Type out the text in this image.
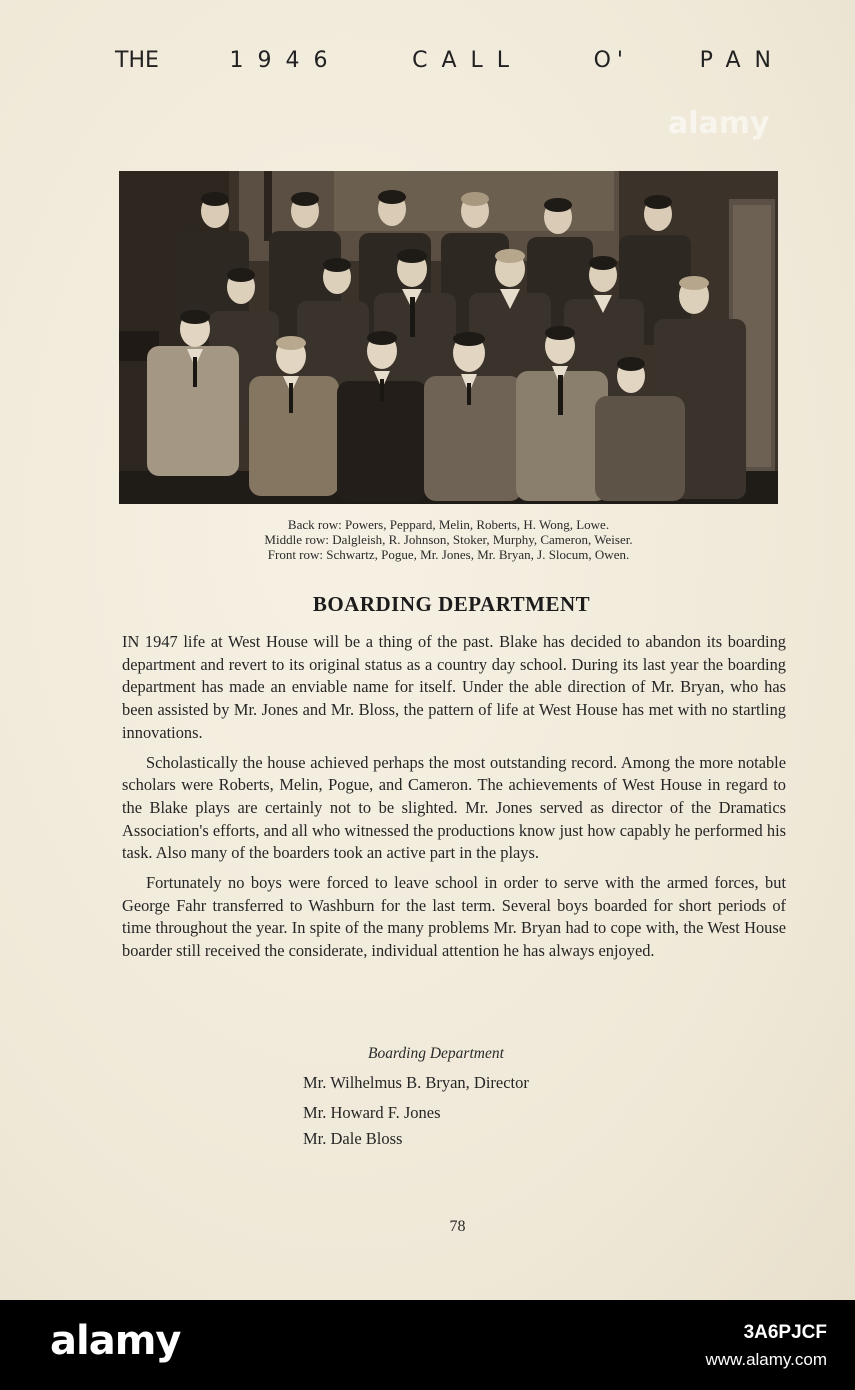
THE	1946	CALL	O'	PAN
alamy
Back row: Powers, Peppard, Melin, Roberts, H. Wong, Lowe.
Middle row: Dalgleish, R. Johnson, Stoker, Murphy, Cameron, Weiser.
Front row: Schwartz, Pogue, Mr. Jones, Mr. Bryan, J. Slocum, Owen.
BOARDING DEPARTMENT

IN 1947 life at West House will be a thing of the past. Blake has decided to abandon its boarding department and revert to its original status as a country day school. During its last year the boarding department has made an enviable name for itself. Under the able direction of Mr. Bryan, who has been assisted by Mr. Jones and Mr. Bloss, the pattern of life at West House has met with no startling innovations.

Scholastically the house achieved perhaps the most outstanding record. Among the more notable scholars were Roberts, Melin, Pogue, and Cameron. The achievements of West House in regard to the Blake plays are certainly not to be slighted. Mr. Jones served as director of the Dramatics Association's efforts, and all who witnessed the productions know just how capably he performed his task. Also many of the boarders took an active part in the plays.

Fortunately no boys were forced to leave school in order to serve with the armed forces, but George Fahr transferred to Washburn for the last term. Several boys boarded for short periods of time throughout the year. In spite of the many problems Mr. Bryan had to cope with, the West House boarder still received the considerate, individual attention he has always enjoyed.

Boarding Department
Mr. Wilhelmus B. Bryan, Director
Mr. Howard F. Jones
Mr. Dale Bloss
78
alamy	3A6PJCF
www.alamy.com
